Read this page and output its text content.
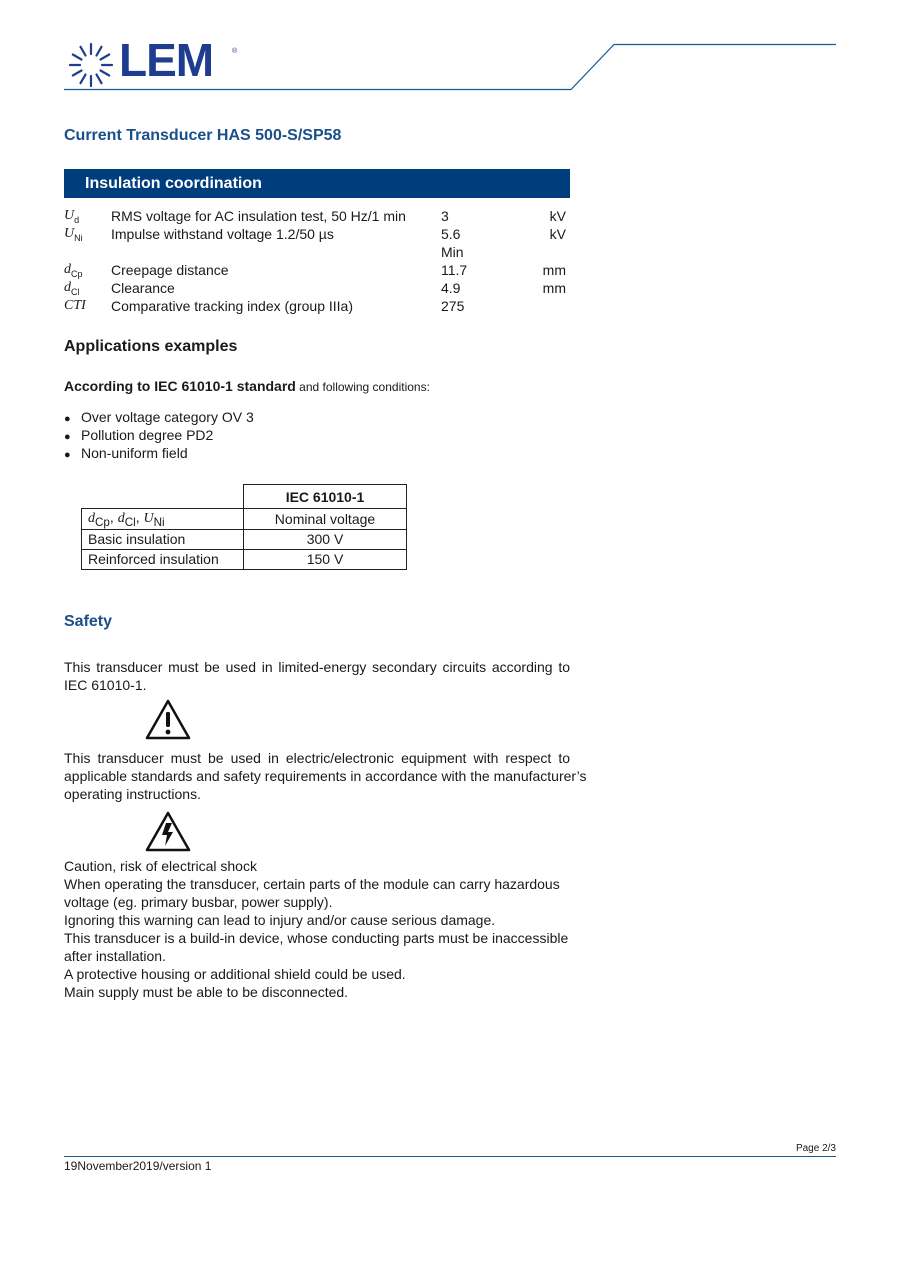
LEM	®
Current Transducer HAS 500-S/SP58
Insulation coordination
$U_d$ RMS voltage for AC insulation test, 50 Hz/1 min	3	kV
$U_{Ni}$ Impulse withstand voltage 1.2/50 µs	5.6	kV
Min
$d_{Cp}$ Creepage distance	11.7	mm
$d_{Cl}$ Clearance	4.9	mm
CTI Comparative tracking index (group IIIa)	275
Applications examples
According to IEC 61010-1 standard and following conditions:
● Over voltage category OV 3
● Pollution degree PD2
● Non-uniform field
	IEC 61010-1
$d_{Cp}$, $d_{Cl}$, $U_{Ni}$	Nominal voltage
Basic insulation	300 V
Reinforced insulation	150 V
Safety
This transducer must be used in limited-energy secondary circuits according to
IEC 61010-1.
This transducer must be used in electric/electronic equipment with respect to
applicable standards and safety requirements in accordance with the manufacturer’s
operating instructions.
Caution, risk of electrical shock
When operating the transducer, certain parts of the module can carry hazardous
voltage (eg. primary busbar, power supply).
Ignoring this warning can lead to injury and/or cause serious damage.
This transducer is a build-in device, whose conducting parts must be inaccessible
after installation.
A protective housing or additional shield could be used.
Main supply must be able to be disconnected.
Page 2/3
19November2019/version 1
